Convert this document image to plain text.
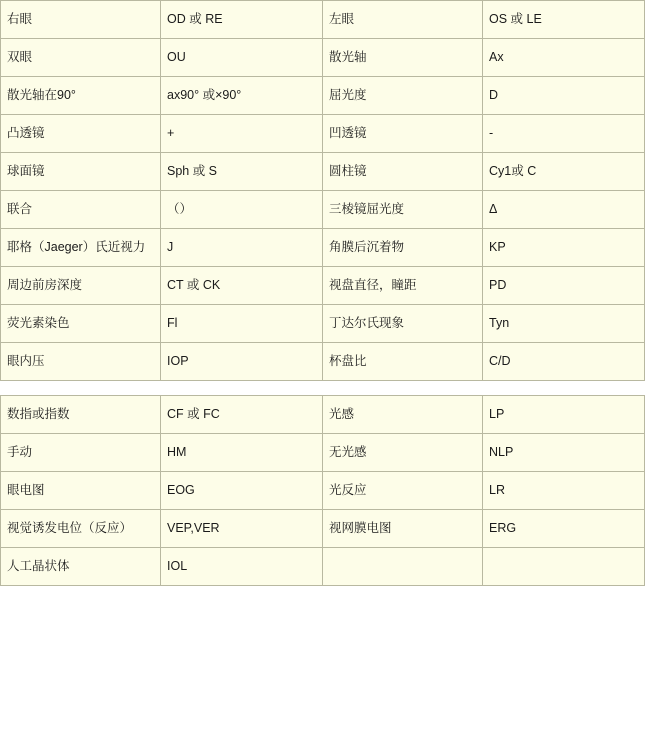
右眼	OD 或 RE	左眼	OS 或 LE
双眼	OU	散光轴	Ax
散光轴在90°	ax90° 或×90°	屈光度	D
凸透镜	+	凹透镜	-
球面镜	Sph 或 S	圆柱镜	Cy1或 C
联合	（）	三棱镜屈光度	Δ
耶格（Jaeger）氏近视力	J	角膜后沉着物	KP
周边前房深度	CT 或 CK	视盘直径，瞳距	PD
荧光素染色	Fl	丁达尔氏现象	Tyn
眼内压	IOP	杯盘比	C/D

数指或指数	CF 或 FC	光感	LP
手动	HM	无光感	NLP
眼电图	EOG	光反应	LR
视觉诱发电位（反应）	VEP,VER	视网膜电图	ERG
人工晶状体	IOL		
